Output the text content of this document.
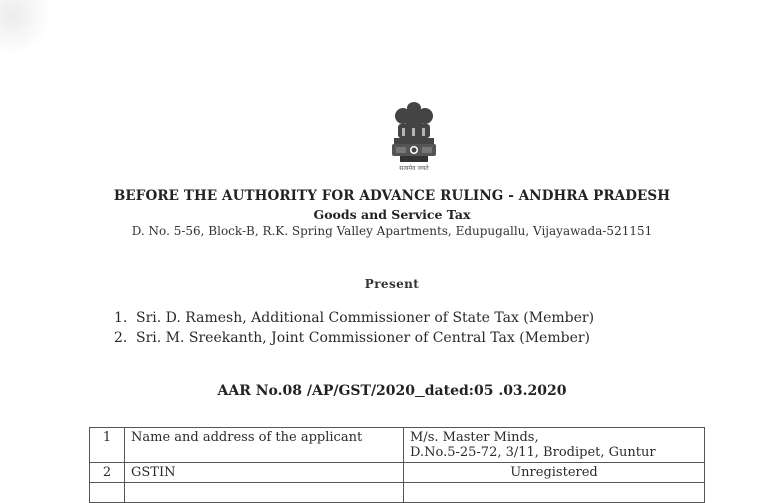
सत्यमेव जयते
BEFORE THE AUTHORITY FOR ADVANCE RULING - ANDHRA PRADESH
Goods and Service Tax
D. No. 5-56, Block-B, R.K. Spring Valley Apartments, Edupugallu, Vijayawada-521151
Present
1. Sri. D. Ramesh, Additional Commissioner of State Tax (Member)
2. Sri. M. Sreekanth, Joint Commissioner of Central Tax (Member)
AAR No.08 /AP/GST/2020 dated:05 .03.2020
1	Name and address of the applicant	M/s. Master Minds,
D.No.5-25-72, 3/11, Brodipet, Guntur

2	GSTIN	Unregistered
